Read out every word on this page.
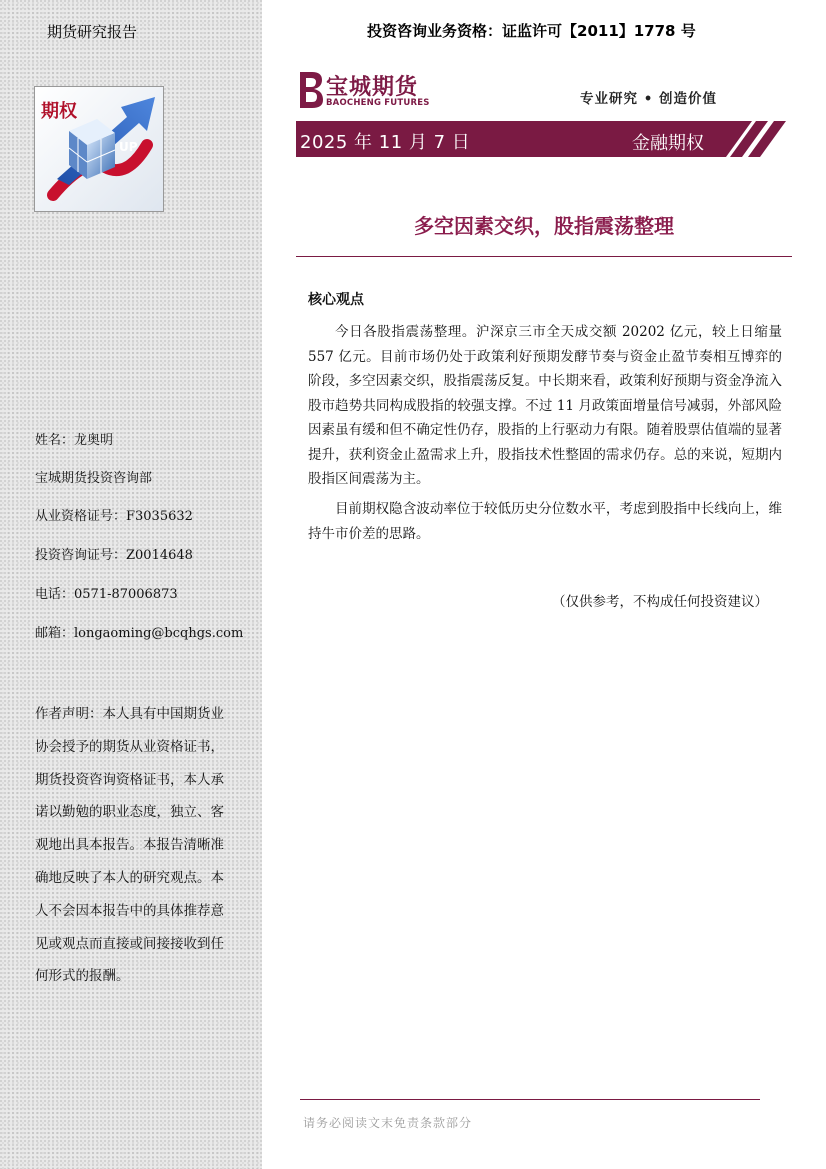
期货研究报告
UP
期权
姓名：龙奥明
宝城期货投资咨询部
从业资格证号：F3035632
投资咨询证号：Z0014648
电话：0571-87006873
邮箱：longaoming@bcqhgs.com
作者声明：本人具有中国期货业协会授予的期货从业资格证书，期货投资咨询资格证书，本人承诺以勤勉的职业态度，独立、客观地出具本报告。本报告清晰准确地反映了本人的研究观点。本人不会因本报告中的具体推荐意见或观点而直接或间接接收到任何形式的报酬。
投资咨询业务资格：证监许可【2011】1778 号
宝城期货
BAOCHENG FUTURES	专业研究 • 创造价值
2025 年 11 月 7 日	金融期权
多空因素交织，股指震荡整理
核心观点

今日各股指震荡整理。沪深京三市全天成交额 20202 亿元，较上日缩量 557 亿元。目前市场仍处于政策利好预期发酵节奏与资金止盈节奏相互博弈的阶段，多空因素交织，股指震荡反复。中长期来看，政策利好预期与资金净流入股市趋势共同构成股指的较强支撑。不过 11 月政策面增量信号减弱，外部风险因素虽有缓和但不确定性仍存，股指的上行驱动力有限。随着股票估值端的显著提升，获利资金止盈需求上升，股指技术性整固的需求仍存。总的来说，短期内股指区间震荡为主。

目前期权隐含波动率位于较低历史分位数水平，考虑到股指中长线向上，维持牛市价差的思路。

（仅供参考，不构成任何投资建议）
请务必阅读文末免责条款部分
